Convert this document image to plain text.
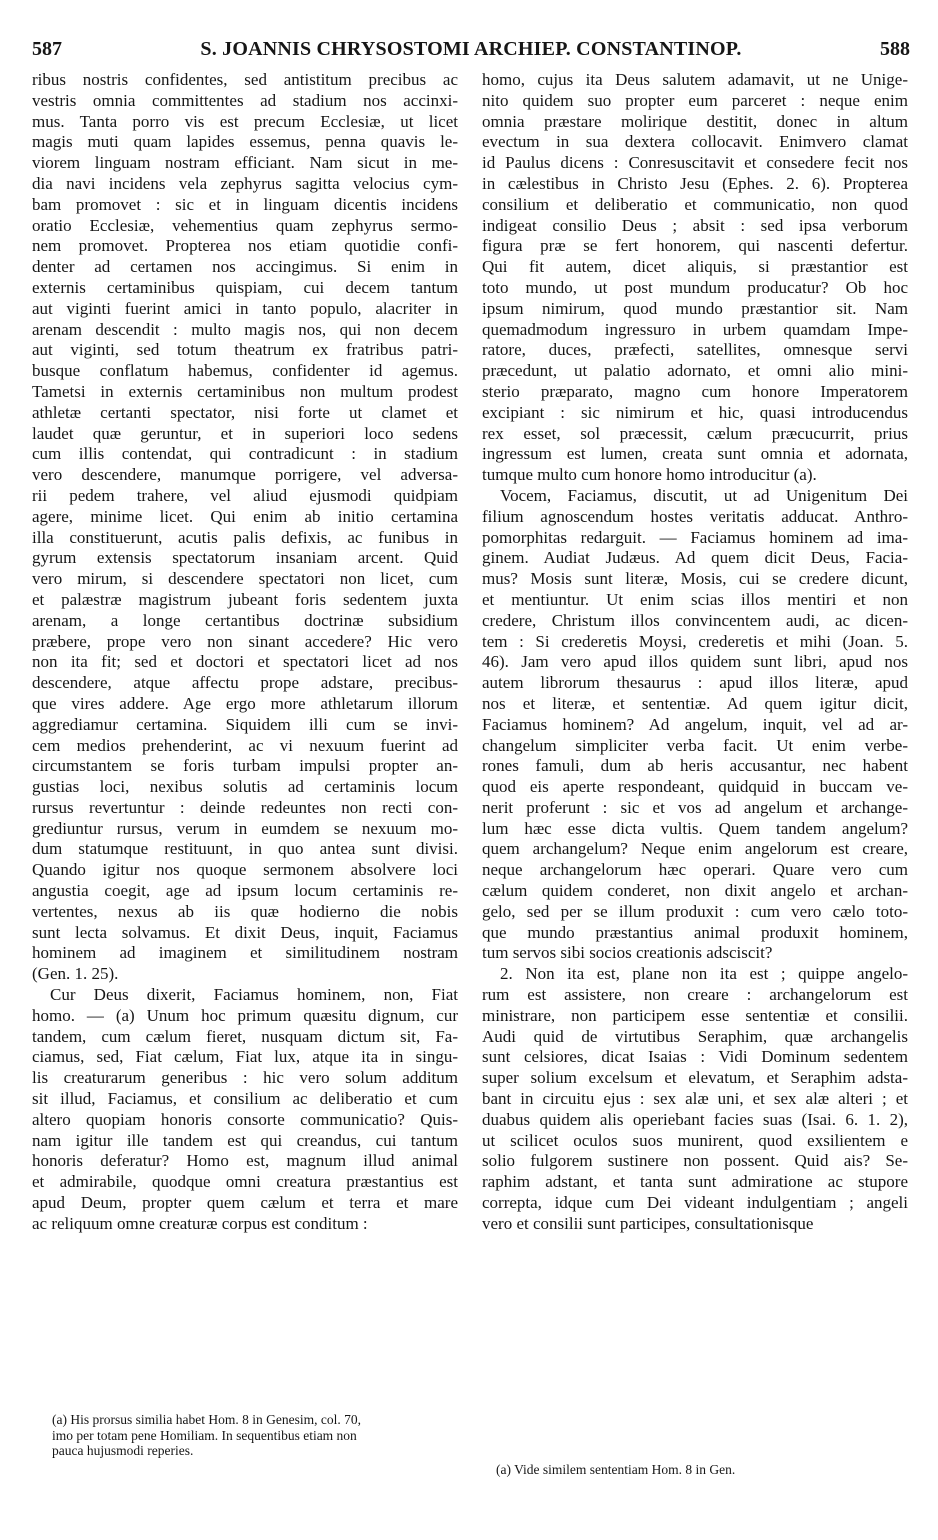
587	S. JOANNIS CHRYSOSTOMI ARCHIEP. CONSTANTINOP.	588
ribus nostris confidentes, sed antistitum precibus ac
vestris omnia committentes ad stadium nos accinxi-
mus. Tanta porro vis est precum Ecclesiæ, ut licet
magis muti quam lapides essemus, penna quavis le-
viorem linguam nostram efficiant. Nam sicut in me-
dia navi incidens vela zephyrus sagitta velocius cym-
bam promovet : sic et in linguam dicentis incidens
oratio Ecclesiæ, vehementius quam zephyrus sermo-
nem promovet. Propterea nos etiam quotidie confi-
denter ad certamen nos accingimus. Si enim in
externis certaminibus quispiam, cui decem tantum
aut viginti fuerint amici in tanto populo, alacriter in
arenam descendit : multo magis nos, qui non decem
aut viginti, sed totum theatrum ex fratribus patri-
busque conflatum habemus, confidenter id agemus.
Tametsi in externis certaminibus non multum prodest
athletæ certanti spectator, nisi forte ut clamet et
laudet quæ geruntur, et in superiori loco sedens
cum illis contendat, qui contradicunt : in stadium
vero descendere, manumque porrigere, vel adversa-
rii pedem trahere, vel aliud ejusmodi quidpiam
agere, minime licet. Qui enim ab initio certamina
illa constituerunt, acutis palis defixis, ac funibus in
gyrum extensis spectatorum insaniam arcent. Quid
vero mirum, si descendere spectatori non licet, cum
et palæstræ magistrum jubeant foris sedentem juxta
arenam, a longe certantibus doctrinæ subsidium
præbere, prope vero non sinant accedere? Hic vero
non ita fit; sed et doctori et spectatori licet ad nos
descendere, atque affectu prope adstare, precibus-
que vires addere. Age ergo more athletarum illorum
aggrediamur certamina. Siquidem illi cum se invi-
cem medios prehenderint, ac vi nexuum fuerint ad
circumstantem se foris turbam impulsi propter an-
gustias loci, nexibus solutis ad certaminis locum
rursus revertuntur : deinde redeuntes non recti con-
grediuntur rursus, verum in eumdem se nexuum mo-
dum statumque restituunt, in quo antea sunt divisi.
Quando igitur nos quoque sermonem absolvere loci
angustia coegit, age ad ipsum locum certaminis re-
vertentes, nexus ab iis quæ hodierno die nobis
sunt lecta solvamus. Et dixit Deus, inquit, Faciamus
hominem ad imaginem et similitudinem nostram
(Gen. 1. 25).
Cur Deus dixerit, Faciamus hominem, non, Fiat
homo. — (a) Unum hoc primum quæsitu dignum, cur
tandem, cum cælum fieret, nusquam dictum sit, Fa-
ciamus, sed, Fiat cælum, Fiat lux, atque ita in singu-
lis creaturarum generibus : hic vero solum additum
sit illud, Faciamus, et consilium ac deliberatio et cum
altero quopiam honoris consorte communicatio? Quis-
nam igitur ille tandem est qui creandus, cui tantum
honoris deferatur? Homo est, magnum illud animal
et admirabile, quodque omni creatura præstantius est
apud Deum, propter quem cælum et terra et mare
ac reliquum omne creaturæ corpus est conditum :
homo, cujus ita Deus salutem adamavit, ut ne Unige-
nito quidem suo propter eum parceret : neque enim
omnia præstare molirique destitit, donec in altum
evectum in sua dextera collocavit. Enimvero clamat
id Paulus dicens : Conresuscitavit et consedere fecit nos
in cælestibus in Christo Jesu (Ephes. 2. 6). Propterea
consilium et deliberatio et communicatio, non quod
indigeat consilio Deus ; absit : sed ipsa verborum
figura præ se fert honorem, qui nascenti defertur.
Qui fit autem, dicet aliquis, si præstantior est
toto mundo, ut post mundum producatur? Ob hoc
ipsum nimirum, quod mundo præstantior sit. Nam
quemadmodum ingressuro in urbem quamdam Impe-
ratore, duces, præfecti, satellites, omnesque servi
præcedunt, ut palatio adornato, et omni alio mini-
sterio præparato, magno cum honore Imperatorem
excipiant : sic nimirum et hic, quasi introducendus
rex esset, sol præcessit, cælum præcucurrit, prius
ingressum est lumen, creata sunt omnia et adornata,
tumque multo cum honore homo introducitur (a).
Vocem, Faciamus, discutit, ut ad Unigenitum Dei
filium agnoscendum hostes veritatis adducat. Anthro-
pomorphitas redarguit. — Faciamus hominem ad ima-
ginem. Audiat Judæus. Ad quem dicit Deus, Facia-
mus? Mosis sunt literæ, Mosis, cui se credere dicunt,
et mentiuntur. Ut enim scias illos mentiri et non
credere, Christum illos convincentem audi, ac dicen-
tem : Si crederetis Moysi, crederetis et mihi (Joan. 5.
46). Jam vero apud illos quidem sunt libri, apud nos
autem librorum thesaurus : apud illos literæ, apud
nos et literæ, et sententiæ. Ad quem igitur dicit,
Faciamus hominem? Ad angelum, inquit, vel ad ar-
changelum simpliciter verba facit. Ut enim verbe-
rones famuli, dum ab heris accusantur, nec habent
quod eis aperte respondeant, quidquid in buccam ve-
nerit proferunt : sic et vos ad angelum et archange-
lum hæc esse dicta vultis. Quem tandem angelum?
quem archangelum? Neque enim angelorum est creare,
neque archangelorum hæc operari. Quare vero cum
cælum quidem conderet, non dixit angelo et archan-
gelo, sed per se illum produxit : cum vero cælo toto-
que mundo præstantius animal produxit hominem,
tum servos sibi socios creationis adsciscit?
2. Non ita est, plane non ita est ; quippe angelo-
rum est assistere, non creare : archangelorum est
ministrare, non participem esse sententiæ et consilii.
Audi quid de virtutibus Seraphim, quæ archangelis
sunt celsiores, dicat Isaias : Vidi Dominum sedentem
super solium excelsum et elevatum, et Seraphim adsta-
bant in circuitu ejus : sex alæ uni, et sex alæ alteri ; et
duabus quidem alis operiebant facies suas (Isai. 6. 1. 2),
ut scilicet oculos suos munirent, quod exsilientem e
solio fulgorem sustinere non possent. Quid ais? Se-
raphim adstant, et tanta sunt admiratione ac stupore
correpta, idque cum Dei videant indulgentiam ; angeli
vero et consilii sunt participes, consultationisque
(a) His prorsus similia habet Hom. 8 in Genesim, col. 70,
imo per totam pene Homiliam. In sequentibus etiam non
pauca hujusmodi reperies.
(a) Vide similem sententiam Hom. 8 in Gen.
